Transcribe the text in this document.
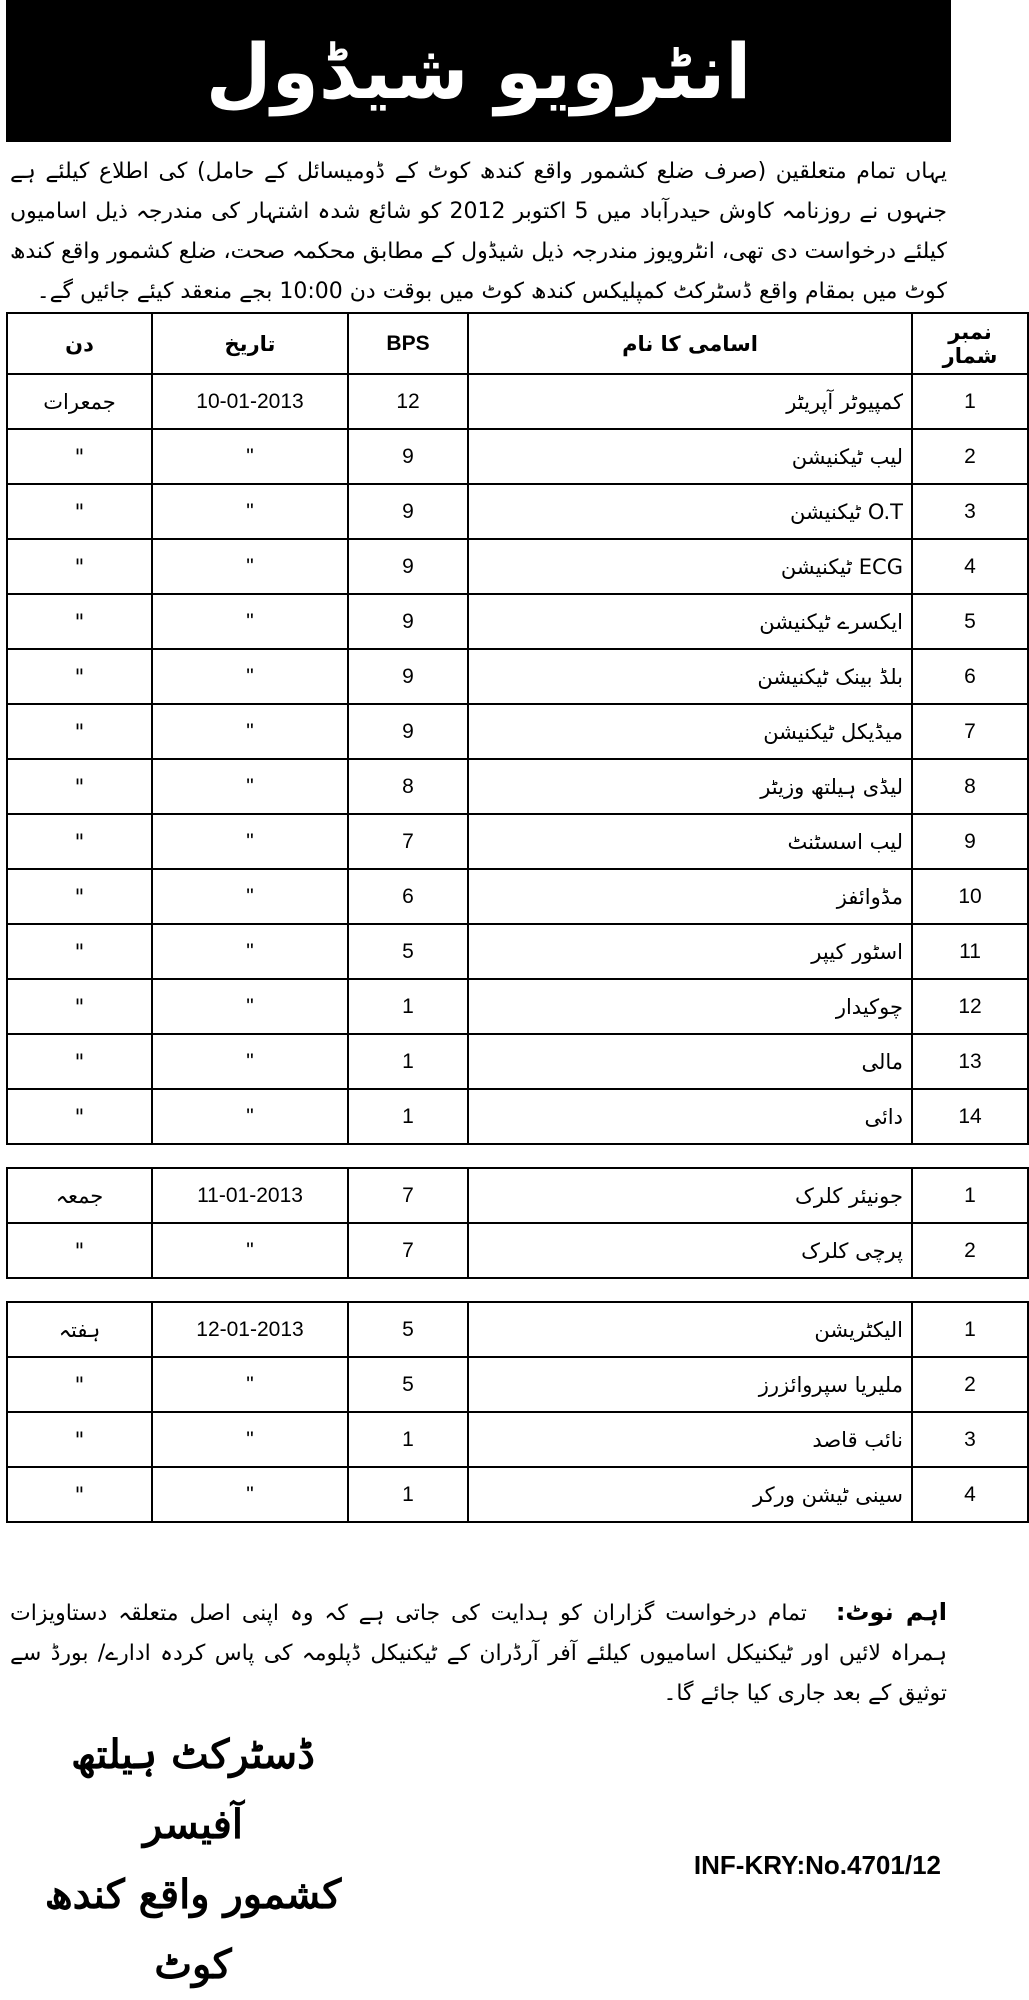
انٹرویو شیڈول
یہاں تمام متعلقین (صرف ضلع کشمور واقع کندھ کوٹ کے ڈومیسائل کے حامل) کی اطلاع کیلئے ہے جنہوں نے روزنامہ کاوش حیدرآباد میں 5 اکتوبر 2012 کو شائع شدہ اشتہار کی مندرجہ ذیل اسامیوں کیلئے درخواست دی تھی، انٹرویوز مندرجہ ذیل شیڈول کے مطابق محکمہ صحت، ضلع کشمور واقع کندھ کوٹ میں بمقام واقع ڈسٹرکٹ کمپلیکس کندھ کوٹ میں بوقت دن 10:00 بجے منعقد کیئے جائیں گے۔
نمبر شمار	اسامی کا نام	BPS	تاریخ	دن
1	کمپیوٹر آپریٹر	12	10-01-2013	جمعرات
2	لیب ٹیکنیشن	9	"	"
3	O.T ٹیکنیشن	9	"	"
4	ECG ٹیکنیشن	9	"	"
5	ایکسرے ٹیکنیشن	9	"	"
6	بلڈ بینک ٹیکنیشن	9	"	"
7	میڈیکل ٹیکنیشن	9	"	"
8	لیڈی ہیلتھ وزیٹر	8	"	"
9	لیب اسسٹنٹ	7	"	"
10	مڈوائفز	6	"	"
11	اسٹور کیپر	5	"	"
12	چوکیدار	1	"	"
13	مالی	1	"	"
14	دائی	1	"	"

1	جونیئر کلرک	7	11-01-2013	جمعہ
2	پرچی کلرک	7	"	"

1	الیکٹریشن	5	12-01-2013	ہفتہ
2	ملیریا سپروائزرز	5	"	"
3	نائب قاصد	1	"	"
4	سینی ٹیشن ورکر	1	"	"
اہم نوٹ: تمام درخواست گزاران کو ہدایت کی جاتی ہے کہ وہ اپنی اصل متعلقہ دستاویزات ہمراہ لائیں اور ٹیکنیکل اسامیوں کیلئے آفر آرڈران کے ٹیکنیکل ڈپلومہ کی پاس کردہ ادارے/ بورڈ سے توثیق کے بعد جاری کیا جائے گا۔
ڈسٹرکٹ ہیلتھ آفیسر
کشمور واقع کندھ کوٹ
INF-KRY:No.4701/12
